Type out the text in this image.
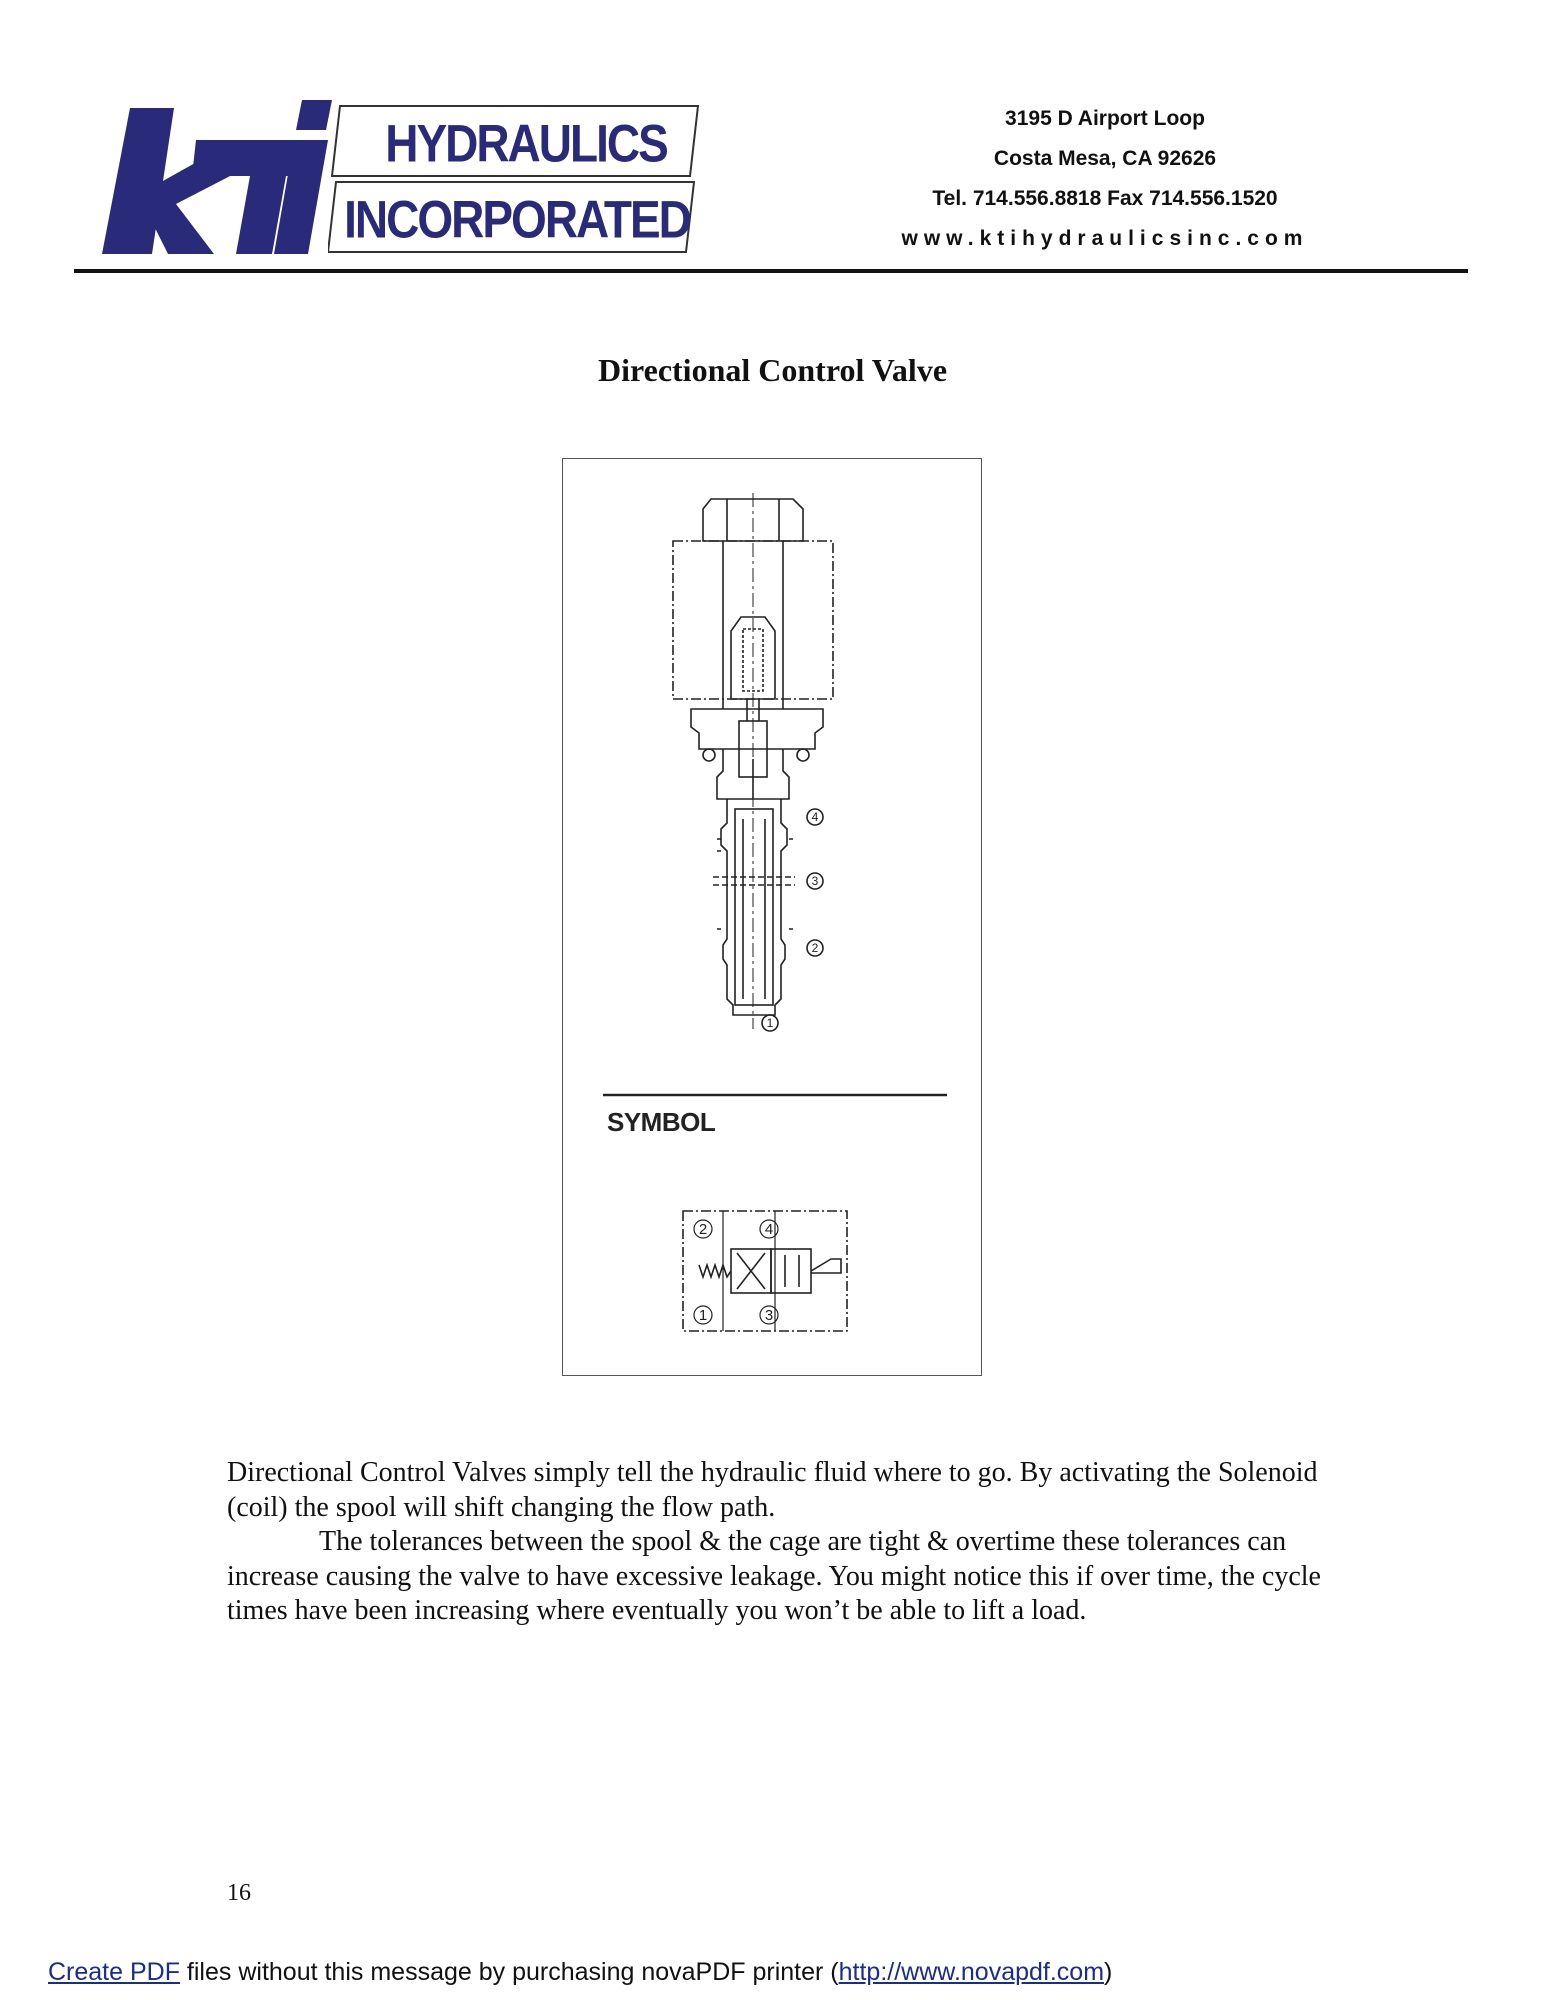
HYDRAULICS
INCORPORATED
3195 D Airport Loop
Costa Mesa, CA 92626
Tel. 714.556.8818 Fax 714.556.1520
www.ktihydraulicsinc.com
Directional Control Valve
4
3
2
1
2	4
1	3
SYMBOL

Directional Control Valves simply tell the hydraulic fluid where to go. By activating the Solenoid (coil) the spool will shift changing the flow path.

The tolerances between the spool & the cage are tight & overtime these tolerances can increase causing the valve to have excessive leakage. You might notice this if over time, the cycle times have been increasing where eventually you won’t be able to lift a load.

16
Create PDF files without this message by purchasing novaPDF printer (http://www.novapdf.com)
